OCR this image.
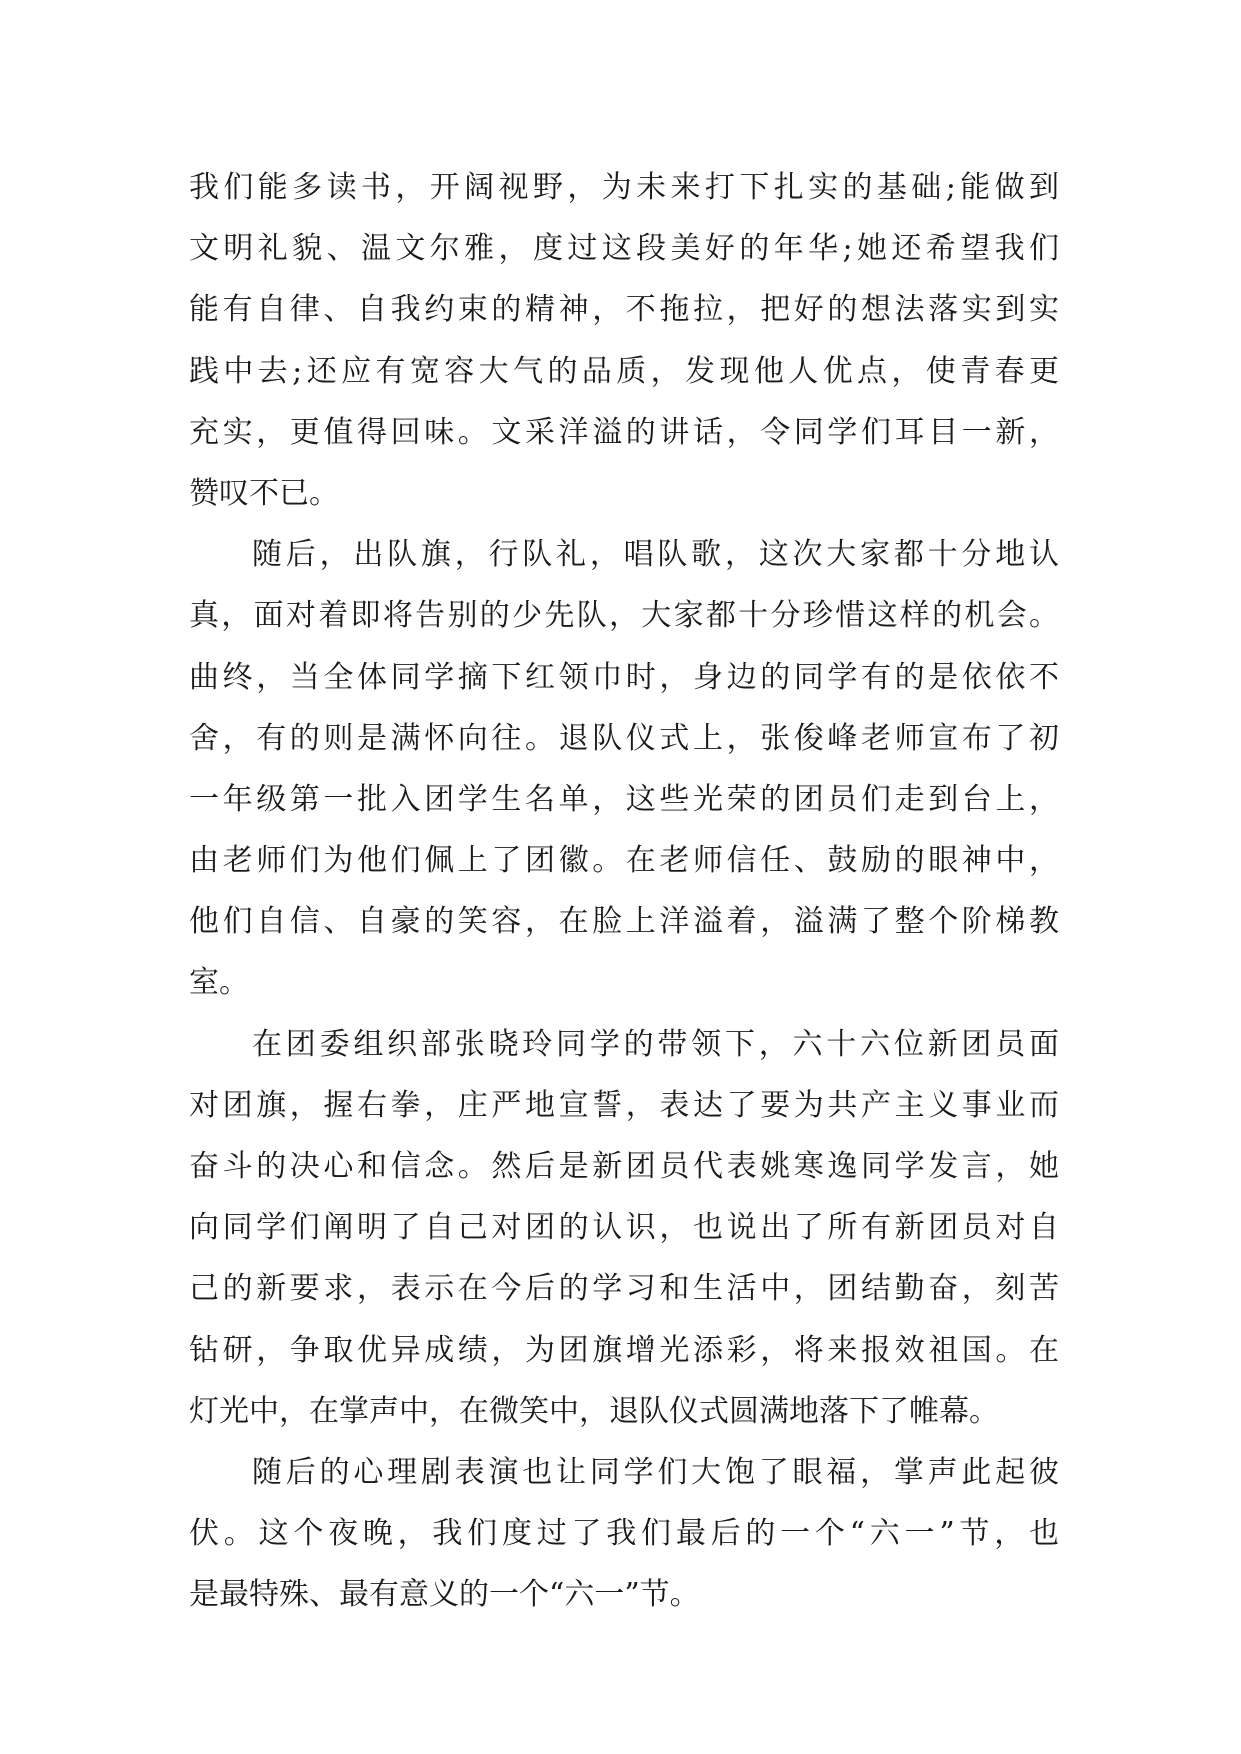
我们能多读书，开阔视野，为未来打下扎实的基础;能做到
文明礼貌、温文尔雅，度过这段美好的年华;她还希望我们
能有自律、自我约束的精神，不拖拉，把好的想法落实到实
践中去;还应有宽容大气的品质，发现他人优点，使青春更
充实，更值得回味。文采洋溢的讲话，令同学们耳目一新，
赞叹不已。
随后，出队旗，行队礼，唱队歌，这次大家都十分地认
真，面对着即将告别的少先队，大家都十分珍惜这样的机会。
曲终，当全体同学摘下红领巾时，身边的同学有的是依依不
舍，有的则是满怀向往。退队仪式上，张俊峰老师宣布了初
一年级第一批入团学生名单，这些光荣的团员们走到台上，
由老师们为他们佩上了团徽。在老师信任、鼓励的眼神中，
他们自信、自豪的笑容，在脸上洋溢着，溢满了整个阶梯教
室。
在团委组织部张晓玲同学的带领下，六十六位新团员面
对团旗，握右拳，庄严地宣誓，表达了要为共产主义事业而
奋斗的决心和信念。然后是新团员代表姚寒逸同学发言，她
向同学们阐明了自己对团的认识，也说出了所有新团员对自
己的新要求，表示在今后的学习和生活中，团结勤奋，刻苦
钻研，争取优异成绩，为团旗增光添彩，将来报效祖国。在
灯光中，在掌声中，在微笑中，退队仪式圆满地落下了帷幕。
随后的心理剧表演也让同学们大饱了眼福，掌声此起彼
伏。这个夜晚，我们度过了我们最后的一个“六一”节，也
是最特殊、最有意义的一个“六一”节。
